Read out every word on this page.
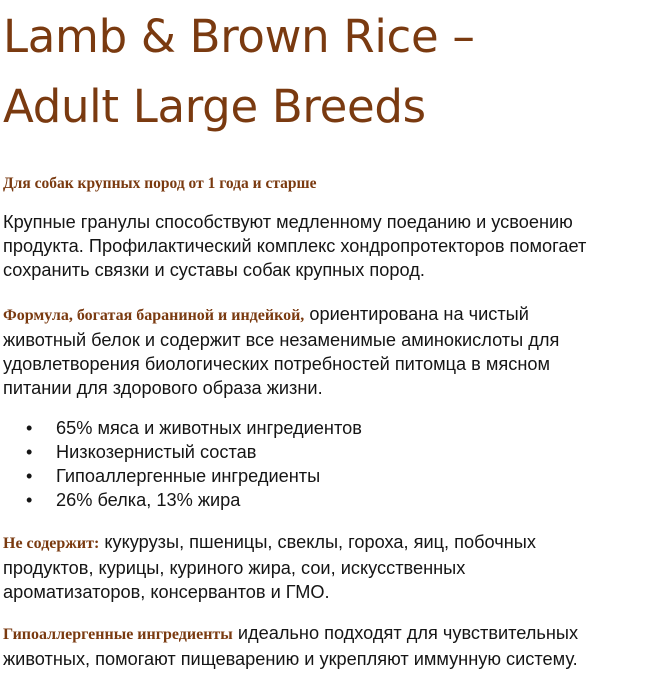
Lamb & Brown Rice –
Adult Large Breeds
Для собак крупных пород от 1 года и старше
Крупные гранулы способствуют медленному поеданию и усвоению
продукта. Профилактический комплекс хондропротекторов помогает
сохранить связки и суставы собак крупных пород.
Формула, богатая бараниной и индейкой, ориентирована на чистый
животный белок и содержит все незаменимые аминокислоты для
удовлетворения биологических потребностей питомца в мясном
питании для здорового образа жизни.
• 65% мяса и животных ингредиентов
• Низкозернистый состав
• Гипоаллергенные ингредиенты
• 26% белка, 13% жира
Не содержит: кукурузы, пшеницы, свеклы, гороха, яиц, побочных
продуктов, курицы, куриного жира, сои, искусственных
ароматизаторов, консервантов и ГМО.
Гипоаллергенные ингредиенты идеально подходят для чувствительных
животных, помогают пищеварению и укрепляют иммунную систему.
